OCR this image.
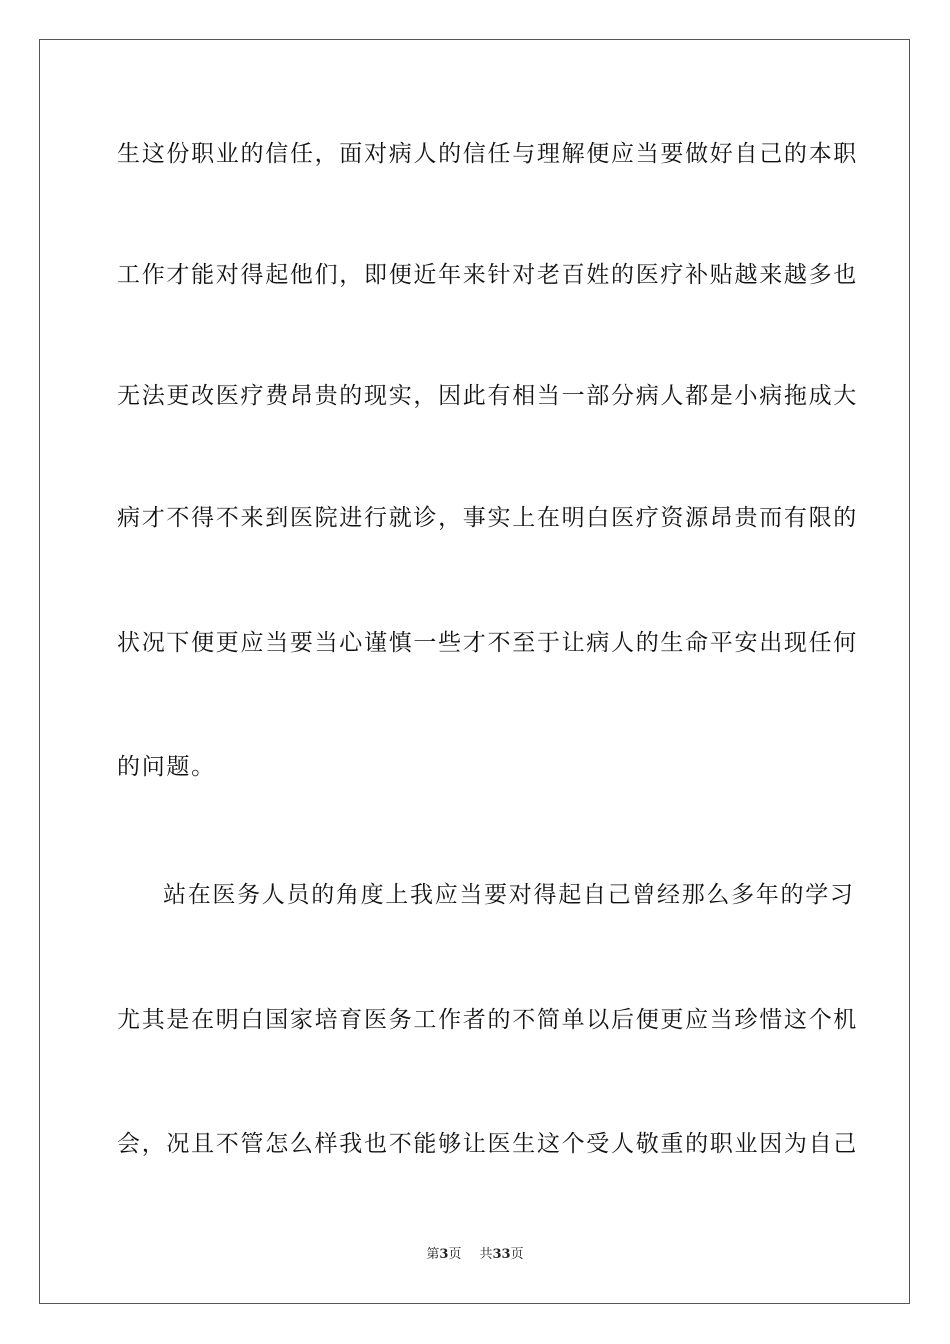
生这份职业的信任，面对病人的信任与理解便应当要做好自己的本职
工作才能对得起他们，即便近年来针对老百姓的医疗补贴越来越多也
无法更改医疗费昂贵的现实，因此有相当一部分病人都是小病拖成大
病才不得不来到医院进行就诊，事实上在明白医疗资源昂贵而有限的
状况下便更应当要当心谨慎一些才不至于让病人的生命平安出现任何
的问题。
站在医务人员的角度上我应当要对得起自己曾经那么多年的学习
尤其是在明白国家培育医务工作者的不简单以后便更应当珍惜这个机
会，况且不管怎么样我也不能够让医生这个受人敬重的职业因为自己
第3页 共33页
